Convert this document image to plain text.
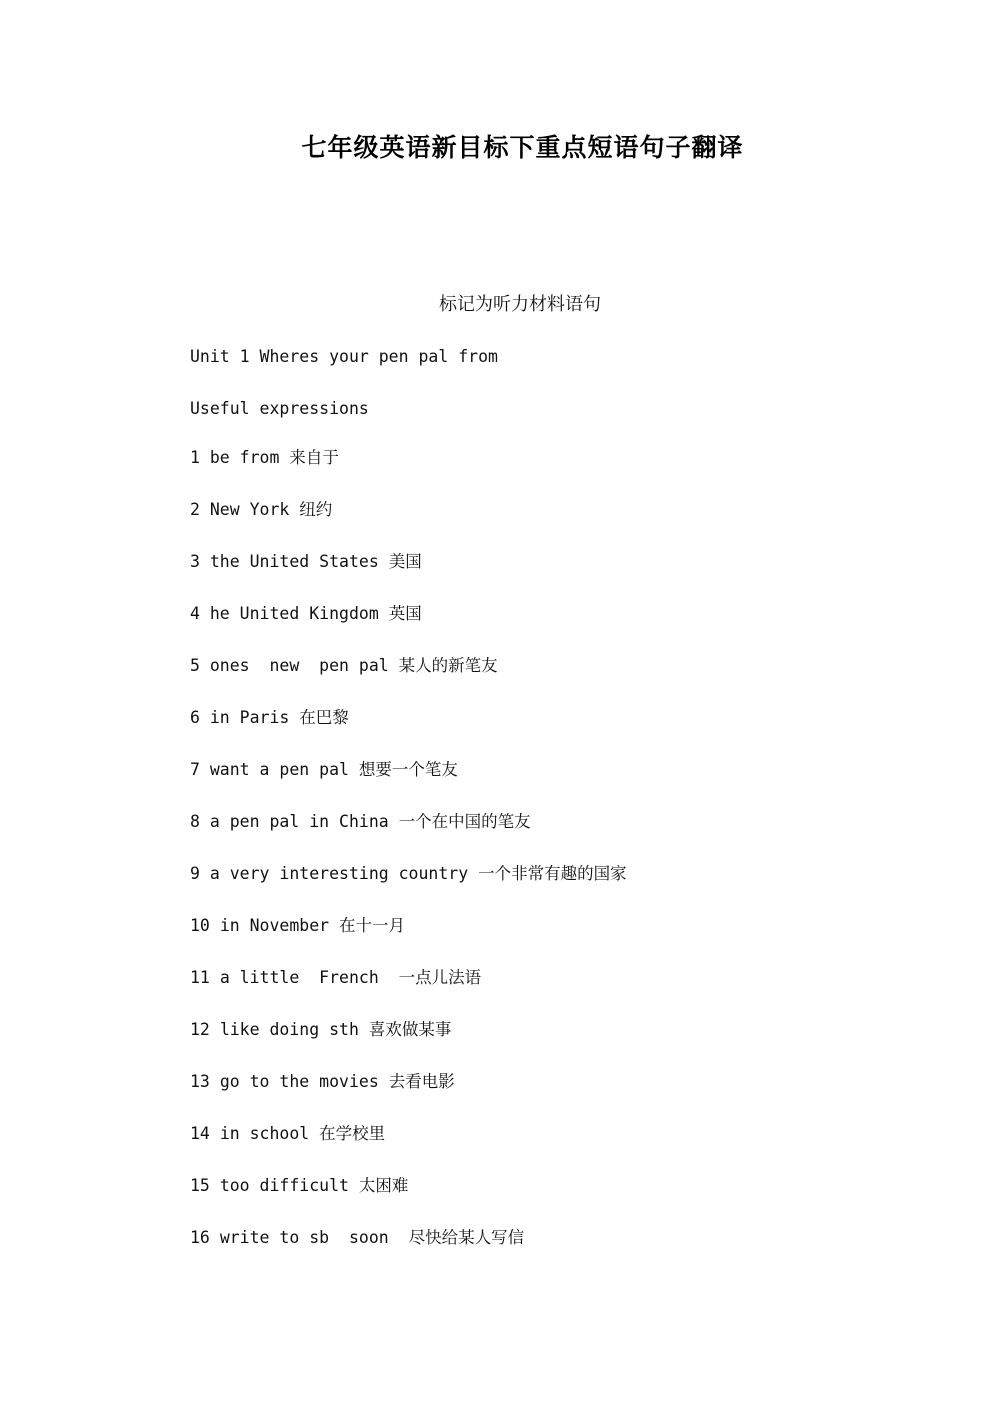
七年级英语新目标下重点短语句子翻译
标记为听力材料语句
Unit 1 Wheres your pen pal from
Useful expressions
1 be from 来自于
2 New York 纽约
3 the United States 美国
4 he United Kingdom 英国
5 ones  new  pen pal 某人的新笔友
6 in Paris 在巴黎
7 want a pen pal 想要一个笔友
8 a pen pal in China 一个在中国的笔友
9 a very interesting country 一个非常有趣的国家
10 in November 在十一月
11 a little  French  一点儿法语
12 like doing sth 喜欢做某事
13 go to the movies 去看电影
14 in school 在学校里
15 too difficult 太困难
16 write to sb  soon  尽快给某人写信
